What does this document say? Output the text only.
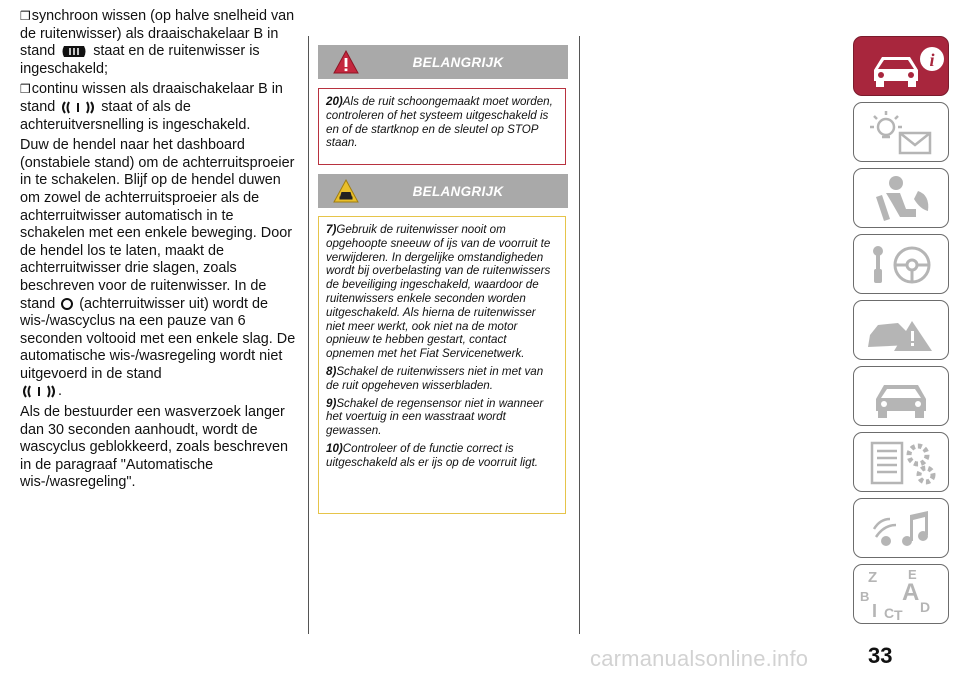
❒synchroon wissen (op halve snelheid van de ruitenwisser) als draaischakelaar B in stand	staat en de ruitenwisser is ingeschakeld;

❒continu wissen als draaischakelaar B in stand	staat of als de achteruitversnelling is ingeschakeld.

Duw de hendel naar het dashboard (onstabiele stand) om de achterruitsproeier in te schakelen. Blijf op de hendel duwen om zowel de achterruitsproeier als de achterruitwisser automatisch in te schakelen met een enkele beweging. Door de hendel los te laten, maakt de achterruitwisser drie slagen, zoals beschreven voor de ruitenwisser. In de stand (achterruitwisser uit) wordt de wis-/wascyclus na een pauze van 6 seconden voltooid met een enkele slag. De automatische wis-/wasregeling wordt niet uitgevoerd in de stand
.

Als de bestuurder een wasverzoek langer dan 30 seconden aanhoudt, wordt de wascyclus geblokkeerd, zoals beschreven in de paragraaf "Automatische wis-/wasregeling".

BELANGRIJK

20)Als de ruit schoongemaakt moet worden, controleren of het systeem uitgeschakeld is en of de startknop en de sleutel op STOP staan.

BELANGRIJK

7)Gebruik de ruitenwisser nooit om opgehoopte sneeuw of ijs van de voorruit te verwijderen. In dergelijke omstandigheden wordt bij overbelasting van de ruitenwissers de beveiliging ingeschakeld, waardoor de ruitenwissers enkele seconden worden uitgeschakeld. Als hierna de ruitenwisser niet meer werkt, ook niet na de motor opnieuw te hebben gestart, contact opnemen met het Fiat Servicenetwerk.

8)Schakel de ruitenwissers niet in met van de ruit opgeheven wisserbladen.

9)Schakel de regensensor niet in wanneer het voertuig in een wasstraat wordt gewassen.

10)Controleer of de functie correct is uitgeschakeld als er ijs op de voorruit ligt.

i
Z E
B A
D
I C T
33
carmanualsonline.info
